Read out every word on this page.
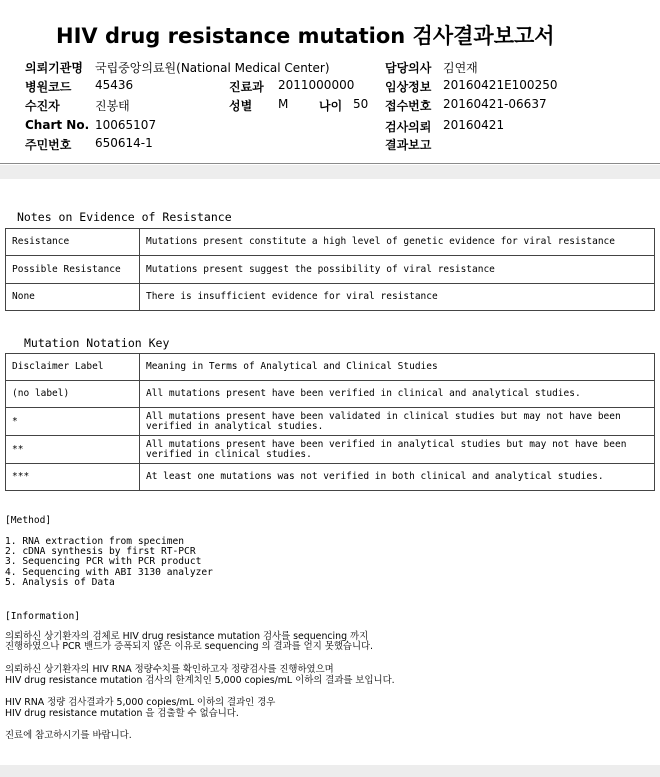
HIV drug resistance mutation 검사결과보고서
의뢰기관명 국립중앙의료원(National Medical Center)	담당의사 김연재
병원코드 45436	진료과 2011000000	임상정보 20160421E100250
수진자	진봉태	성별 M	나이 50 접수번호 20160421-06637
Chart No. 10065107	검사의뢰 20160421
주민번호 650614-1	결과보고
Notes on Evidence of Resistance
Resistance	Mutations present constitute a high level of genetic evidence for viral resistance
Possible Resistance	Mutations present suggest the possibility of viral resistance
None	There is insufficient evidence for viral resistance
Mutation Notation Key
Disclaimer Label	Meaning in Terms of Analytical and Clinical Studies
(no label)	All mutations present have been verified in clinical and analytical studies.
*	All mutations present have been validated in clinical studies but may not have been verified in analytical studies.
**	All mutations present have been verified in analytical studies but may not have been verified in clinical studies.
***	At least one mutations was not verified in both clinical and analytical studies.
[Method]
1. RNA extraction from specimen
2. cDNA synthesis by first RT-PCR
3. Sequencing PCR with PCR product
4. Sequencing with ABI 3130 analyzer
5. Analysis of Data
[Information]
의뢰하신 상기환자의 검체로 HIV drug resistance mutation 검사를 sequencing 까지
진행하였으나 PCR 밴드가 증폭되지 않은 이유로 sequencing 의 결과를 얻지 못했습니다.
의뢰하신 상기환자의 HIV RNA 정량수치를 확인하고자 정량검사를 진행하였으며
HIV drug resistance mutation 검사의 한계치인 5,000 copies/mL 이하의 결과를 보입니다.
HIV RNA 정량 검사결과가 5,000 copies/mL 이하의 결과인 경우
HIV drug resistance mutation 을 검출할 수 없습니다.
진료에 참고하시기를 바랍니다.
